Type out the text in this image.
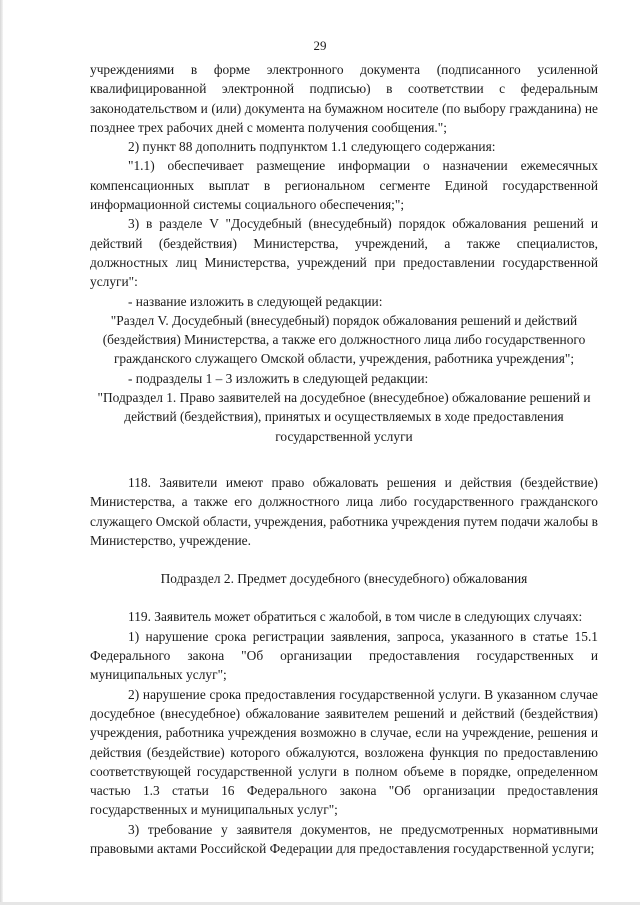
29

учреждениями в форме электронного документа (подписанного усиленной квалифицированной электронной подписью) в соответствии с федеральным законодательством и (или) документа на бумажном носителе (по выбору гражданина) не позднее трех рабочих дней с момента получения сообщения.";

2) пункт 88 дополнить подпунктом 1.1 следующего содержания:

"1.1) обеспечивает размещение информации о назначении ежемесячных компенсационных выплат в региональном сегменте Единой государственной информационной системы социального обеспечения;";

3) в разделе V "Досудебный (внесудебный) порядок обжалования решений и действий (бездействия) Министерства, учреждений, а также специалистов, должностных лиц Министерства, учреждений при предоставлении государственной услуги":

- название изложить в следующей редакции:

"Раздел V. Досудебный (внесудебный) порядок обжалования решений и действий (бездействия) Министерства, а также его должностного лица либо государственного гражданского служащего Омской области, учреждения, работника учреждения";

- подразделы 1 – 3 изложить в следующей редакции:

"Подраздел 1. Право заявителей на досудебное (внесудебное) обжалование решений и действий (бездействия), принятых и осуществляемых в ходе предоставления государственной услуги

118. Заявители имеют право обжаловать решения и действия (бездействие) Министерства, а также его должностного лица либо государственного гражданского служащего Омской области, учреждения, работника учреждения путем подачи жалобы в Министерство, учреждение.

Подраздел 2. Предмет досудебного (внесудебного) обжалования

119. Заявитель может обратиться с жалобой, в том числе в следующих случаях:

1) нарушение срока регистрации заявления, запроса, указанного в статье 15.1 Федерального закона "Об организации предоставления государственных и муниципальных услуг";

2) нарушение срока предоставления государственной услуги. В указанном случае досудебное (внесудебное) обжалование заявителем решений и действий (бездействия) учреждения, работника учреждения возможно в случае, если на учреждение, решения и действия (бездействие) которого обжалуются, возложена функция по предоставлению соответствующей государственной услуги в полном объеме в порядке, определенном частью 1.3 статьи 16 Федерального закона "Об организации предоставления государственных и муниципальных услуг";

3) требование у заявителя документов, не предусмотренных нормативными правовыми актами Российской Федерации для предоставления государственной услуги;
